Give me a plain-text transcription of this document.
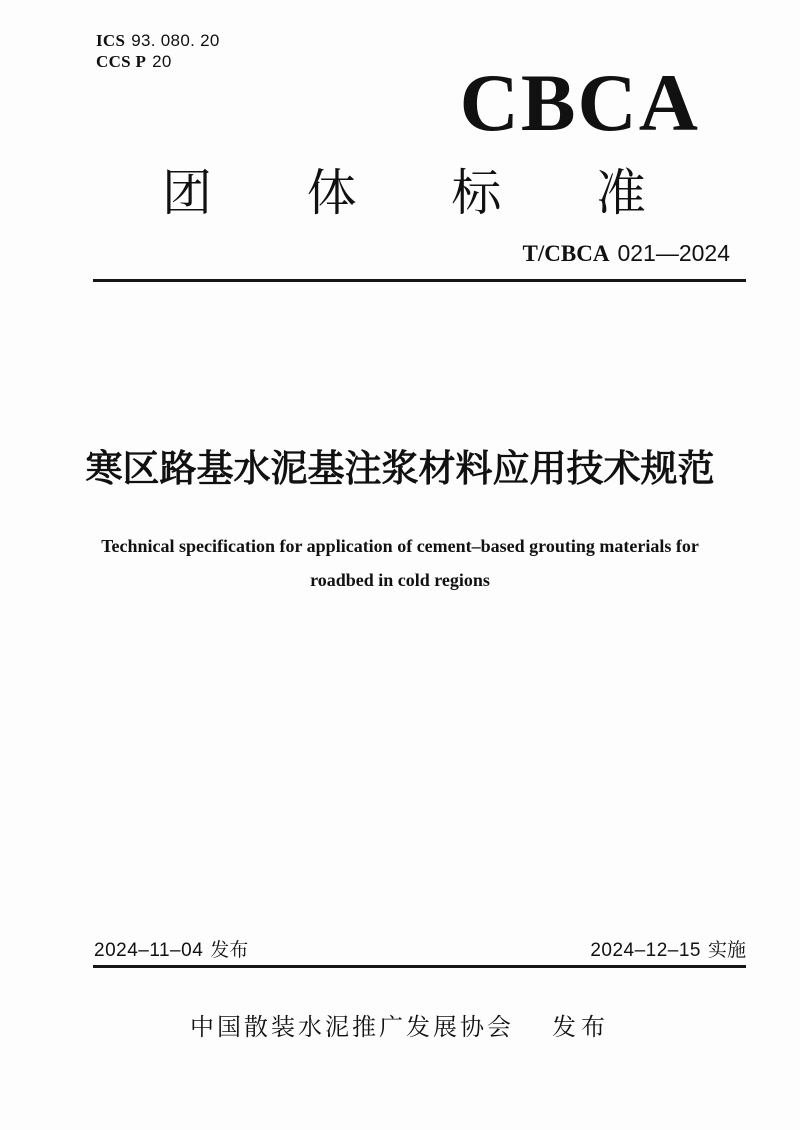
ICS 93. 080. 20
CCS P 20	CBCA
团 体 标 准
T/CBCA 021—2024
寒区路基水泥基注浆材料应用技术规范
Technical specification for application of cement–based grouting materials for
roadbed in cold regions
2024–11–04 发布	2024–12–15 实施
中国散装水泥推广发展协会 发布
